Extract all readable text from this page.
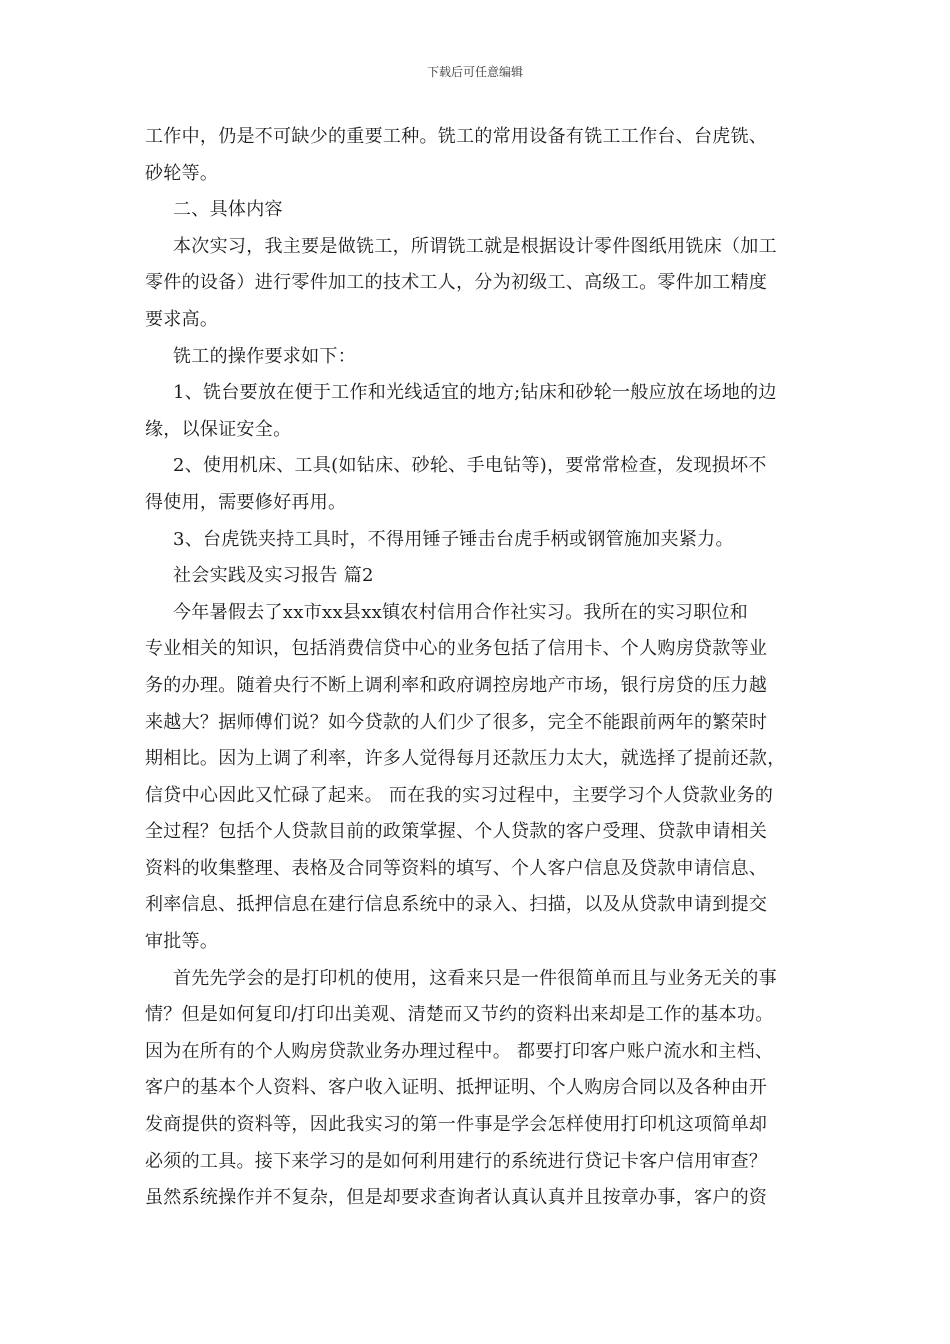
下载后可任意编辑
工作中，仍是不可缺少的重要工种。铣工的常用设备有铣工工作台、台虎铣、
砂轮等。
二、具体内容
本次实习，我主要是做铣工，所谓铣工就是根据设计零件图纸用铣床（加工
零件的设备）进行零件加工的技术工人，分为初级工、高级工。零件加工精度
要求高。
铣工的操作要求如下：
1、铣台要放在便于工作和光线适宜的地方;钻床和砂轮一般应放在场地的边
缘，以保证安全。
2、使用机床、工具(如钻床、砂轮、手电钻等)，要常常检查，发现损坏不
得使用，需要修好再用。
3、台虎铣夹持工具时，不得用锤子锤击台虎手柄或钢管施加夹紧力。
社会实践及实习报告 篇2
今年暑假去了xx市xx县xx镇农村信用合作社实习。我所在的实习职位和
专业相关的知识，包括消费信贷中心的业务包括了信用卡、个人购房贷款等业
务的办理。随着央行不断上调利率和政府调控房地产市场，银行房贷的压力越
来越大？据师傅们说？如今贷款的人们少了很多，完全不能跟前两年的繁荣时
期相比。因为上调了利率，许多人觉得每月还款压力太大，就选择了提前还款，
信贷中心因此又忙碌了起来。 而在我的实习过程中，主要学习个人贷款业务的
全过程？包括个人贷款目前的政策掌握、个人贷款的客户受理、贷款申请相关
资料的收集整理、表格及合同等资料的填写、个人客户信息及贷款申请信息、
利率信息、抵押信息在建行信息系统中的录入、扫描，以及从贷款申请到提交
审批等。
首先先学会的是打印机的使用，这看来只是一件很简单而且与业务无关的事
情？但是如何复印/打印出美观、清楚而又节约的资料出来却是工作的基本功。
因为在所有的个人购房贷款业务办理过程中。 都要打印客户账户流水和主档、
客户的基本个人资料、客户收入证明、抵押证明、个人购房合同以及各种由开
发商提供的资料等，因此我实习的第一件事是学会怎样使用打印机这项简单却
必须的工具。接下来学习的是如何利用建行的系统进行贷记卡客户信用审查？
虽然系统操作并不复杂，但是却要求查询者认真认真并且按章办事，客户的资
